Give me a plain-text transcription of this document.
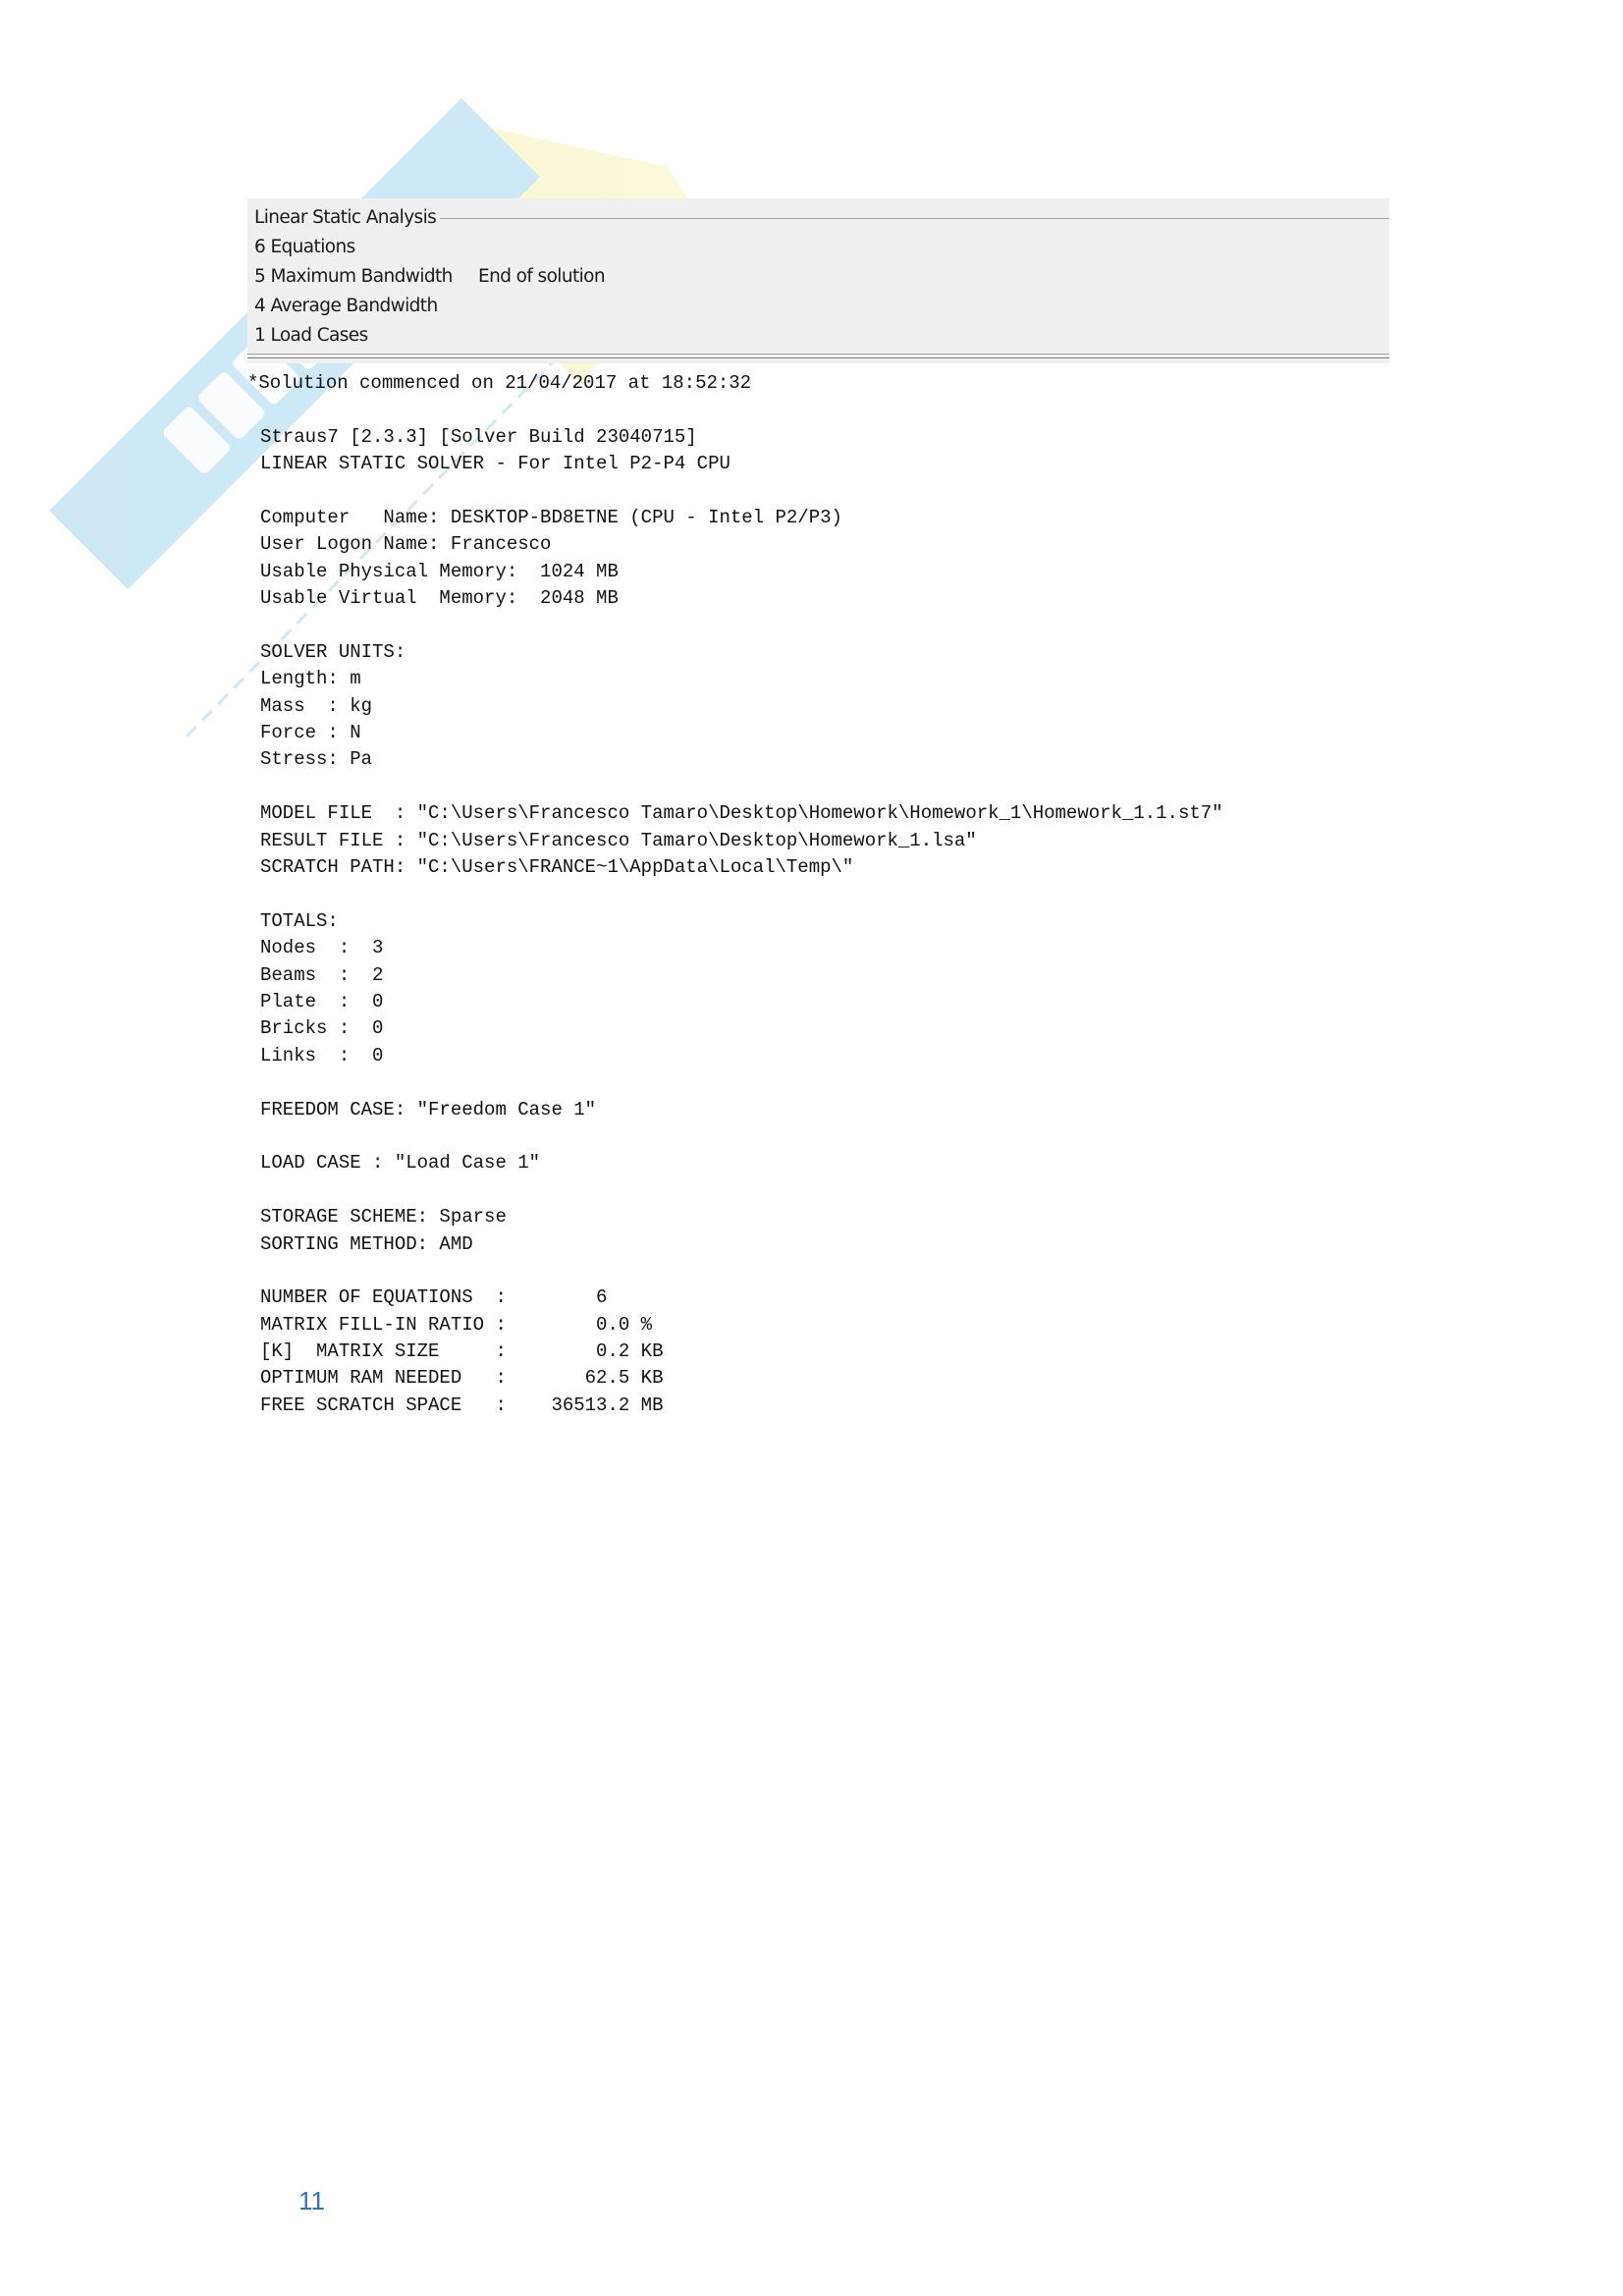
Linear Static Analysis
6 Equations
5 Maximum Bandwidth
4 Average Bandwidth
1 Load Cases
End of solution
*Solution commenced on 21/04/2017 at 18:52:32
Straus7 [2.3.3] [Solver Build 23040715]
LINEAR STATIC SOLVER - For Intel P2-P4 CPU
Computer   Name: DESKTOP-BD8ETNE (CPU - Intel P2/P3)
User Logon Name: Francesco
Usable Physical Memory:  1024 MB
Usable Virtual  Memory:  2048 MB
SOLVER UNITS:
Length: m
Mass  : kg
Force : N
Stress: Pa
MODEL FILE  : "C:\Users\Francesco Tamaro\Desktop\Homework\Homework_1\Homework_1.1.st7"
RESULT FILE : "C:\Users\Francesco Tamaro\Desktop\Homework_1.lsa"
SCRATCH PATH: "C:\Users\FRANCE~1\AppData\Local\Temp\"
TOTALS:
Nodes  :  3
Beams  :  2
Plate  :  0
Bricks :  0
Links  :  0
FREEDOM CASE: "Freedom Case 1"
LOAD CASE : "Load Case 1"
STORAGE SCHEME: Sparse
SORTING METHOD: AMD
NUMBER OF EQUATIONS  :        6
MATRIX FILL-IN RATIO :        0.0 %
[K]  MATRIX SIZE     :        0.2 KB
OPTIMUM RAM NEEDED   :       62.5 KB
FREE SCRATCH SPACE   :    36513.2 MB
11
